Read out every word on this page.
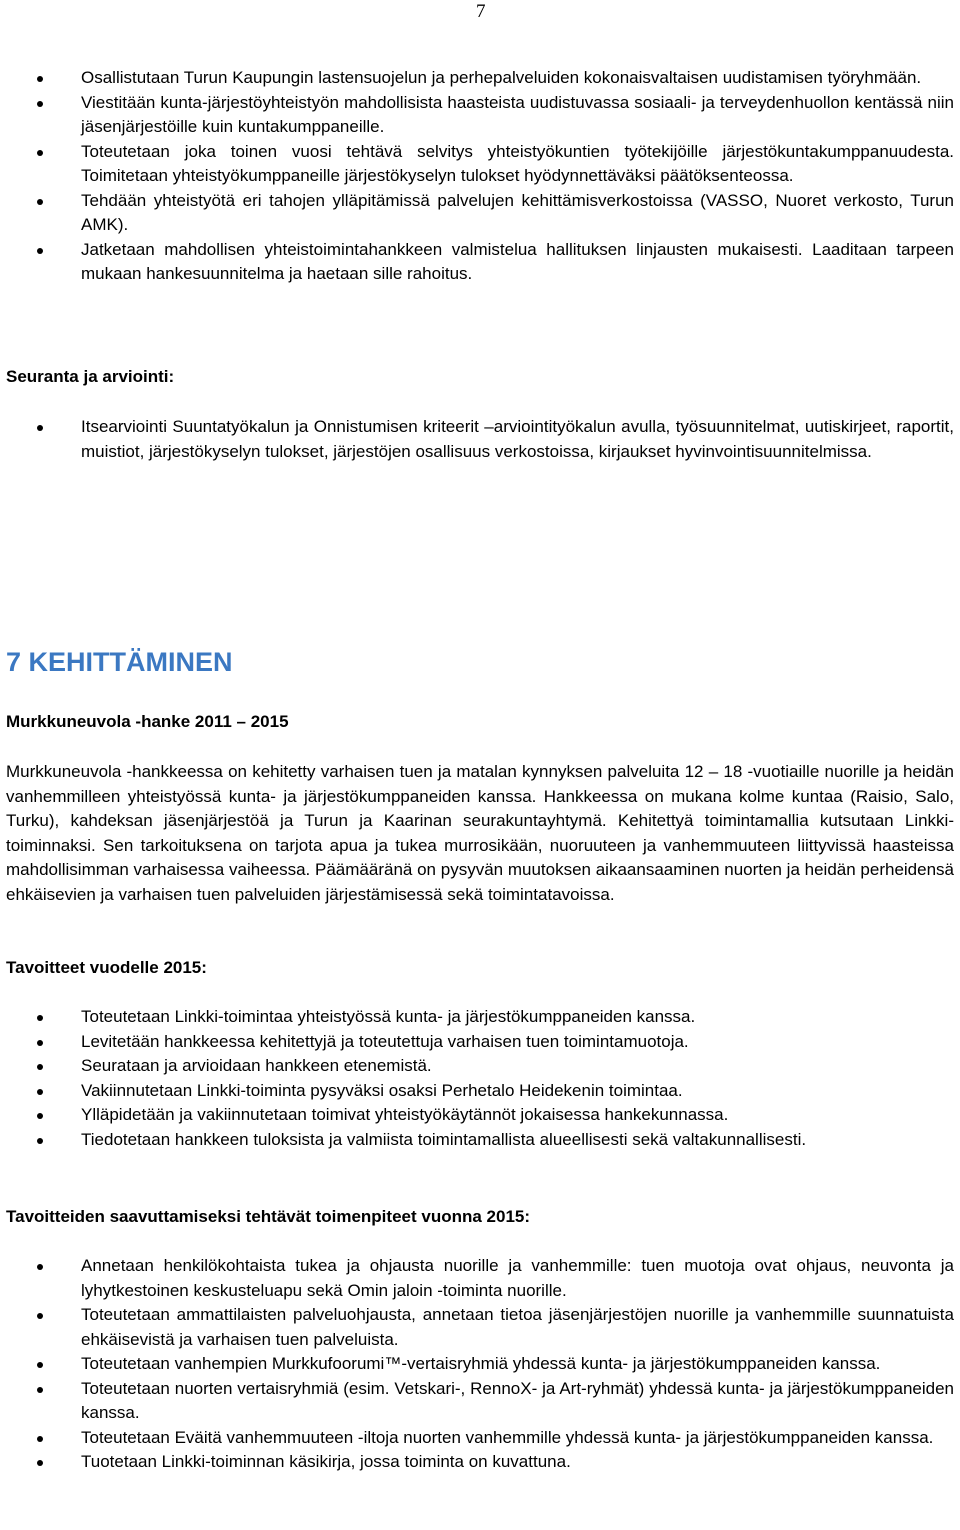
7
Osallistutaan Turun Kaupungin lastensuojelun ja perhepalveluiden kokonaisvaltaisen uudistamisen työryhmään.
Viestitään kunta-järjestöyhteistyön mahdollisista haasteista uudistuvassa sosiaali- ja terveydenhuollon kentässä niin jäsenjärjestöille kuin kuntakumppaneille.
Toteutetaan joka toinen vuosi tehtävä selvitys yhteistyökuntien työtekijöille järjestökuntakumppanuudesta. Toimitetaan yhteistyökumppaneille järjestökyselyn tulokset hyödynnettäväksi päätöksenteossa.
Tehdään yhteistyötä eri tahojen ylläpitämissä palvelujen kehittämisverkostoissa (VASSO, Nuoret verkosto, Turun AMK).
Jatketaan mahdollisen yhteistoimintahankkeen valmistelua hallituksen linjausten mukaisesti. Laaditaan tarpeen mukaan hankesuunnitelma ja haetaan sille rahoitus.
Seuranta ja arviointi:
Itsearviointi Suuntatyökalun ja Onnistumisen kriteerit –arviointityökalun avulla, työsuunnitelmat, uutiskirjeet, raportit, muistiot, järjestökyselyn tulokset, järjestöjen osallisuus verkostoissa, kirjaukset hyvinvointisuunnitelmissa.
7 KEHITTÄMINEN
Murkkuneuvola -hanke 2011 – 2015

Murkkuneuvola -hankkeessa on kehitetty varhaisen tuen ja matalan kynnyksen palveluita 12 – 18 -vuotiaille nuorille ja heidän vanhemmilleen yhteistyössä kunta- ja järjestökumppaneiden kanssa. Hankkeessa on mukana kolme kuntaa (Raisio, Salo, Turku), kahdeksan jäsenjärjestöä ja Turun ja Kaarinan seurakuntayhtymä. Kehitettyä toimintamallia kutsutaan Linkki-toiminnaksi. Sen tarkoituksena on tarjota apua ja tukea murrosikään, nuoruuteen ja vanhemmuuteen liittyvissä haasteissa mahdollisimman varhaisessa vaiheessa. Päämääränä on pysyvän muutoksen aikaansaaminen nuorten ja heidän perheidensä ehkäisevien ja varhaisen tuen palveluiden järjestämisessä sekä toimintatavoissa.

Tavoitteet vuodelle 2015:
Toteutetaan Linkki-toimintaa yhteistyössä kunta- ja järjestökumppaneiden kanssa.
Levitetään hankkeessa kehitettyjä ja toteutettuja varhaisen tuen toimintamuotoja.
Seurataan ja arvioidaan hankkeen etenemistä.
Vakiinnutetaan Linkki-toiminta pysyväksi osaksi Perhetalo Heidekenin toimintaa.
Ylläpidetään ja vakiinnutetaan toimivat yhteistyökäytännöt jokaisessa hankekunnassa.
Tiedotetaan hankkeen tuloksista ja valmiista toimintamallista alueellisesti sekä valtakunnallisesti.
Tavoitteiden saavuttamiseksi tehtävät toimenpiteet vuonna 2015:
Annetaan henkilökohtaista tukea ja ohjausta nuorille ja vanhemmille: tuen muotoja ovat ohjaus, neuvonta ja lyhytkestoinen keskusteluapu sekä Omin jaloin -toiminta nuorille.
Toteutetaan ammattilaisten palveluohjausta, annetaan tietoa jäsenjärjestöjen nuorille ja vanhemmille suunnatuista ehkäisevistä ja varhaisen tuen palveluista.
Toteutetaan vanhempien Murkkufoorumi™-vertaisryhmiä yhdessä kunta- ja järjestökumppaneiden kanssa.
Toteutetaan nuorten vertaisryhmiä (esim. Vetskari-, RennoX- ja Art-ryhmät) yhdessä kunta- ja järjestökumppaneiden kanssa.
Toteutetaan Eväitä vanhemmuuteen -iltoja nuorten vanhemmille yhdessä kunta- ja järjestökumppaneiden kanssa.
Tuotetaan Linkki-toiminnan käsikirja, jossa toiminta on kuvattuna.
